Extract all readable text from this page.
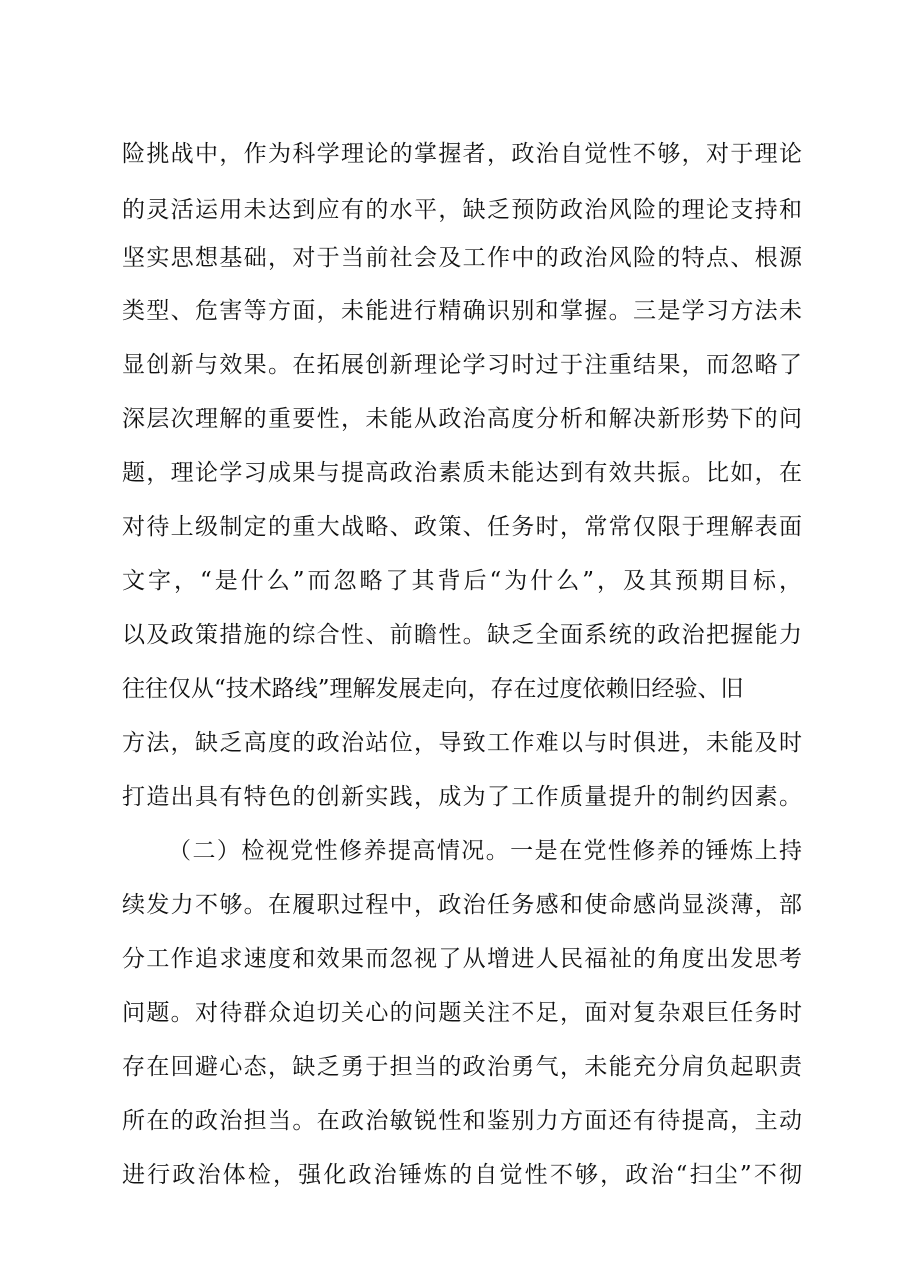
险挑战中，作为科学理论的掌握者，政治自觉性不够，对于理论
的灵活运用未达到应有的水平，缺乏预防政治风险的理论支持和
坚实思想基础，对于当前社会及工作中的政治风险的特点、根源
类型、危害等方面，未能进行精确识别和掌握。三是学习方法未
显创新与效果。在拓展创新理论学习时过于注重结果，而忽略了
深层次理解的重要性，未能从政治高度分析和解决新形势下的问
题，理论学习成果与提高政治素质未能达到有效共振。比如，在
对待上级制定的重大战略、政策、任务时，常常仅限于理解表面
文字，“是什么”而忽略了其背后“为什么”，及其预期目标，
以及政策措施的综合性、前瞻性。缺乏全面系统的政治把握能力
往往仅从“技术路线”理解发展走向，存在过度依赖旧经验、旧
方法，缺乏高度的政治站位，导致工作难以与时俱进，未能及时
打造出具有特色的创新实践，成为了工作质量提升的制约因素。
（二）检视党性修养提高情况。一是在党性修养的锤炼上持
续发力不够。在履职过程中，政治任务感和使命感尚显淡薄，部
分工作追求速度和效果而忽视了从增进人民福祉的角度出发思考
问题。对待群众迫切关心的问题关注不足，面对复杂艰巨任务时
存在回避心态，缺乏勇于担当的政治勇气，未能充分肩负起职责
所在的政治担当。在政治敏锐性和鉴别力方面还有待提高，主动
进行政治体检，强化政治锤炼的自觉性不够，政治“扫尘”不彻
